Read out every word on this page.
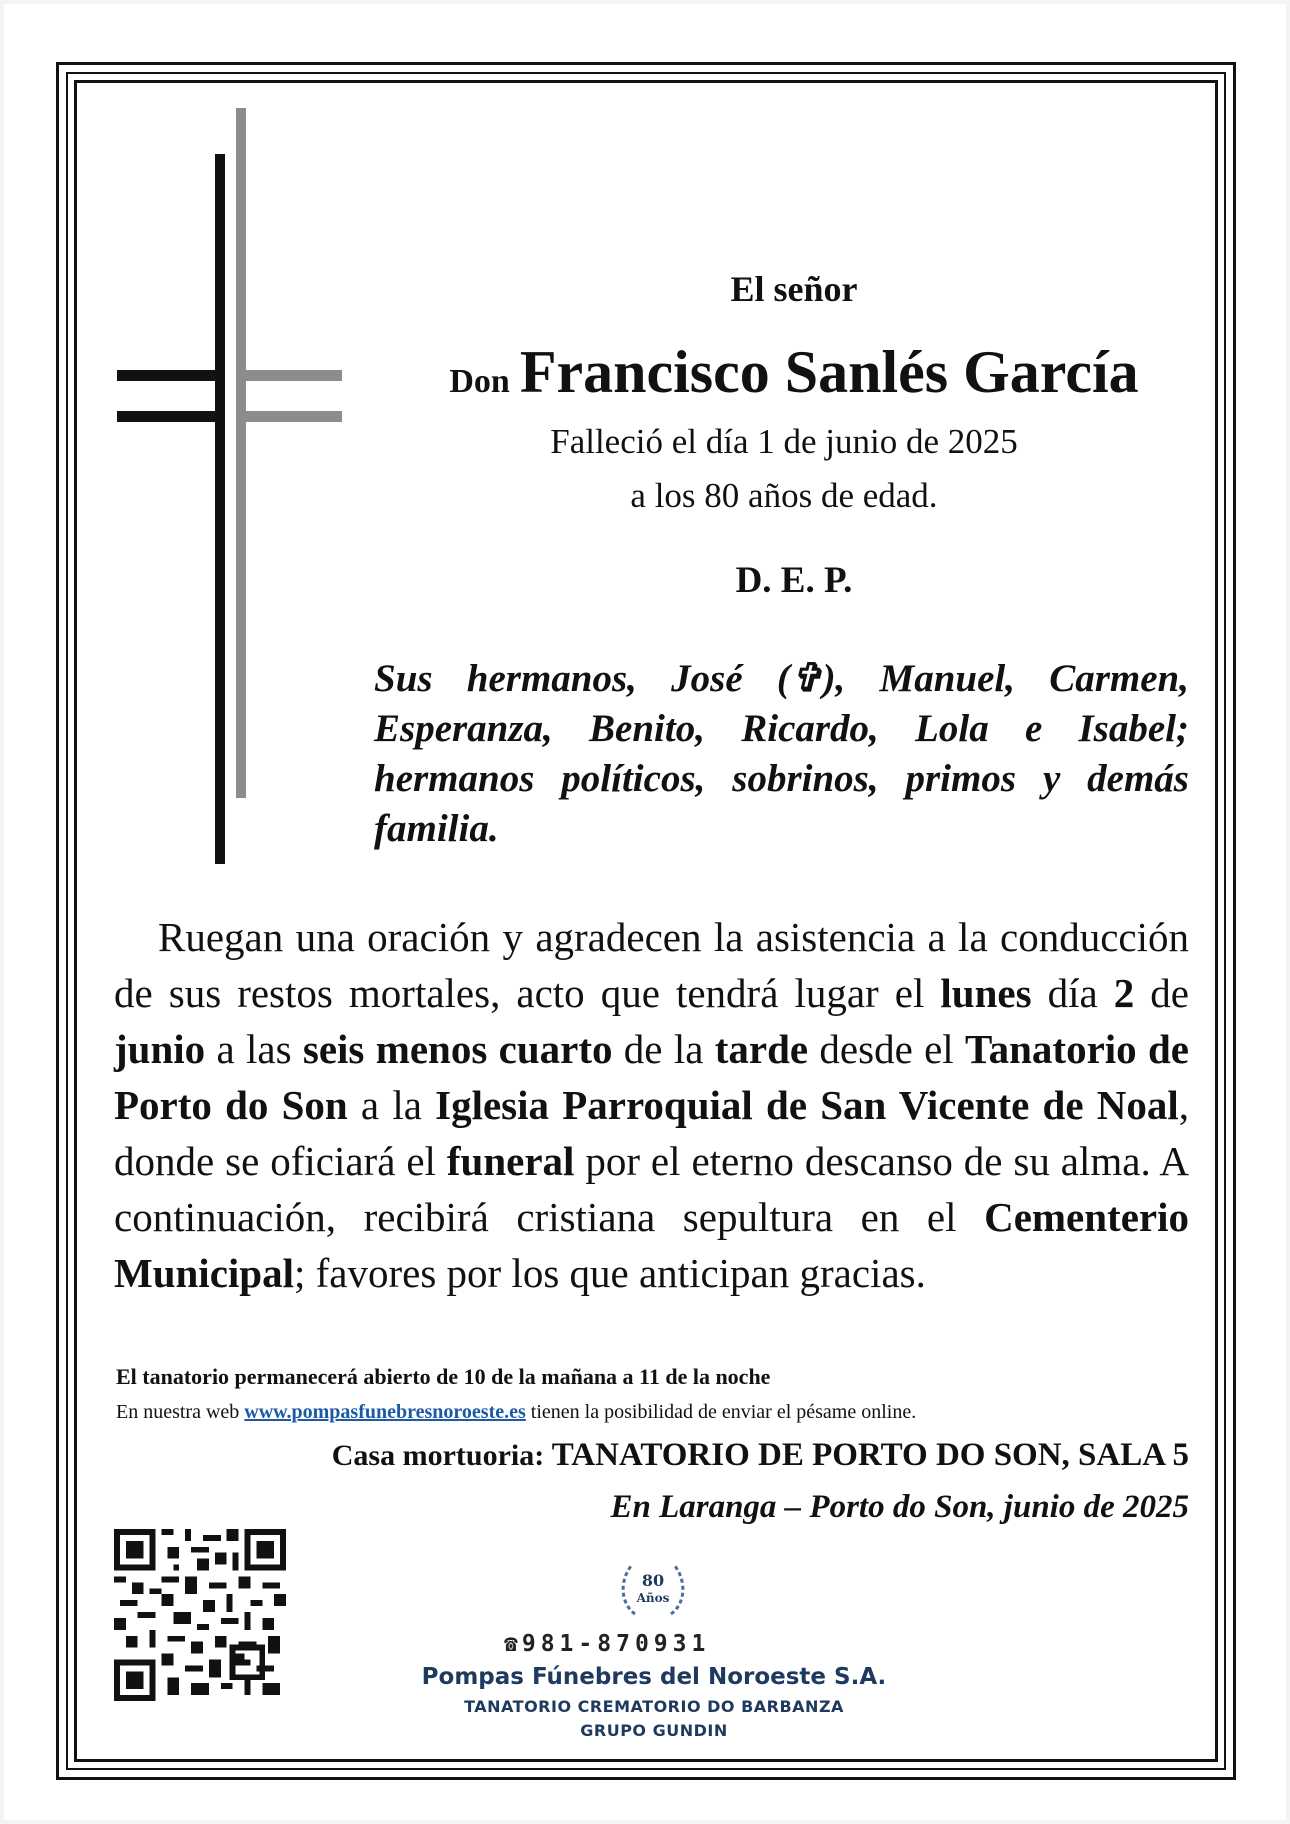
El señor
Don Francisco Sanlés García
Falleció el día 1 de junio de 2025
a los 80 años de edad.
D. E. P.
Sus hermanos, José (✞), Manuel, Carmen, Esperanza, Benito, Ricardo, Lola e Isabel; hermanos políticos, sobrinos, primos y demás familia.
Ruegan una oración y agradecen la asistencia a la conducción de sus restos mortales, acto que tendrá lugar el lunes día 2 de junio a las seis menos cuarto de la tarde desde el Tanatorio de Porto do Son a la Iglesia Parroquial de San Vicente de Noal, donde se oficiará el funeral por el eterno descanso de su alma. A continuación, recibirá cristiana sepultura en el Cementerio Municipal; favores por los que anticipan gracias.
El tanatorio permanecerá abierto de 10 de la mañana a 11 de la noche
En nuestra web www.pompasfunebresnoroeste.es tienen la posibilidad de enviar el pésame online.
Casa mortuoria: TANATORIO DE PORTO DO SON, SALA 5
En Laranga – Porto do Son, junio de 2025
80
Años
☎ 981-870931
Pompas Fúnebres del Noroeste S.A.
TANATORIO CREMATORIO DO BARBANZA
GRUPO GUNDIN
